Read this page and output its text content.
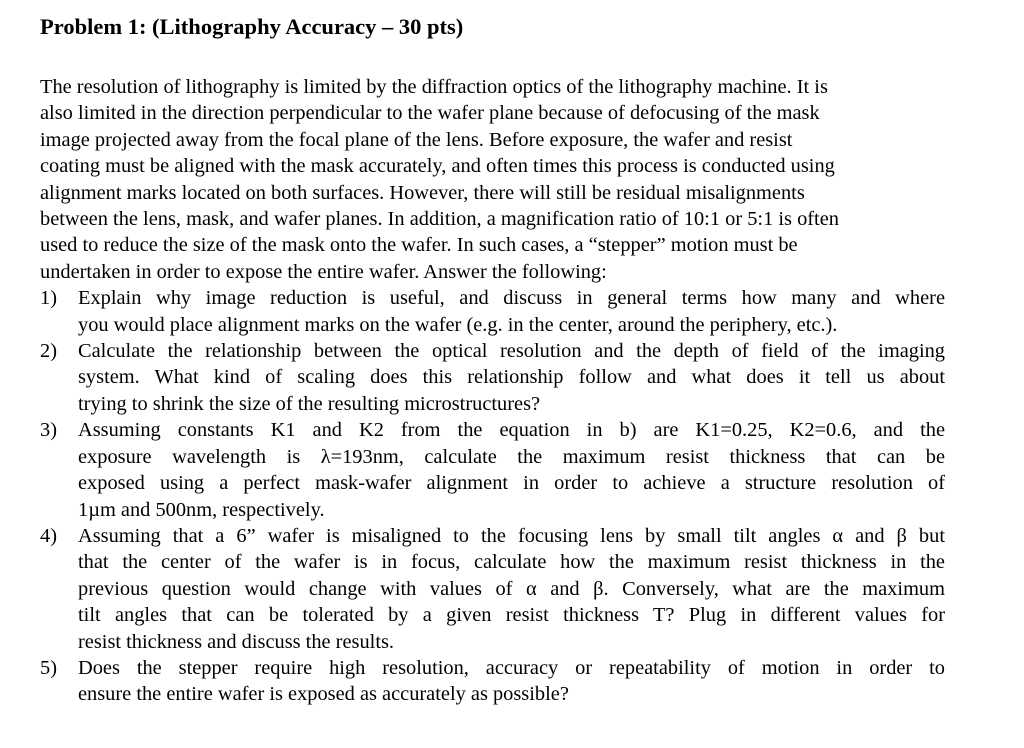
Problem 1: (Lithography Accuracy – 30 pts)
The resolution of lithography is limited by the diffraction optics of the lithography machine. It is
also limited in the direction perpendicular to the wafer plane because of defocusing of the mask
image projected away from the focal plane of the lens. Before exposure, the wafer and resist
coating must be aligned with the mask accurately, and often times this process is conducted using
alignment marks located on both surfaces. However, there will still be residual misalignments
between the lens, mask, and wafer planes. In addition, a magnification ratio of 10:1 or 5:1 is often
used to reduce the size of the mask onto the wafer. In such cases, a “stepper” motion must be
undertaken in order to expose the entire wafer. Answer the following:
1) Explain why image reduction is useful, and discuss in general terms how many and where
you would place alignment marks on the wafer (e.g. in the center, around the periphery, etc.).
2) Calculate the relationship between the optical resolution and the depth of field of the imaging
system. What kind of scaling does this relationship follow and what does it tell us about
trying to shrink the size of the resulting microstructures?
3) Assuming constants K1 and K2 from the equation in b) are K1=0.25, K2=0.6, and the
exposure wavelength is λ=193nm, calculate the maximum resist thickness that can be
exposed using a perfect mask-wafer alignment in order to achieve a structure resolution of
1µm and 500nm, respectively.
4) Assuming that a 6” wafer is misaligned to the focusing lens by small tilt angles α and β but
that the center of the wafer is in focus, calculate how the maximum resist thickness in the
previous question would change with values of α and β. Conversely, what are the maximum
tilt angles that can be tolerated by a given resist thickness T? Plug in different values for
resist thickness and discuss the results.
5) Does the stepper require high resolution, accuracy or repeatability of motion in order to
ensure the entire wafer is exposed as accurately as possible?
